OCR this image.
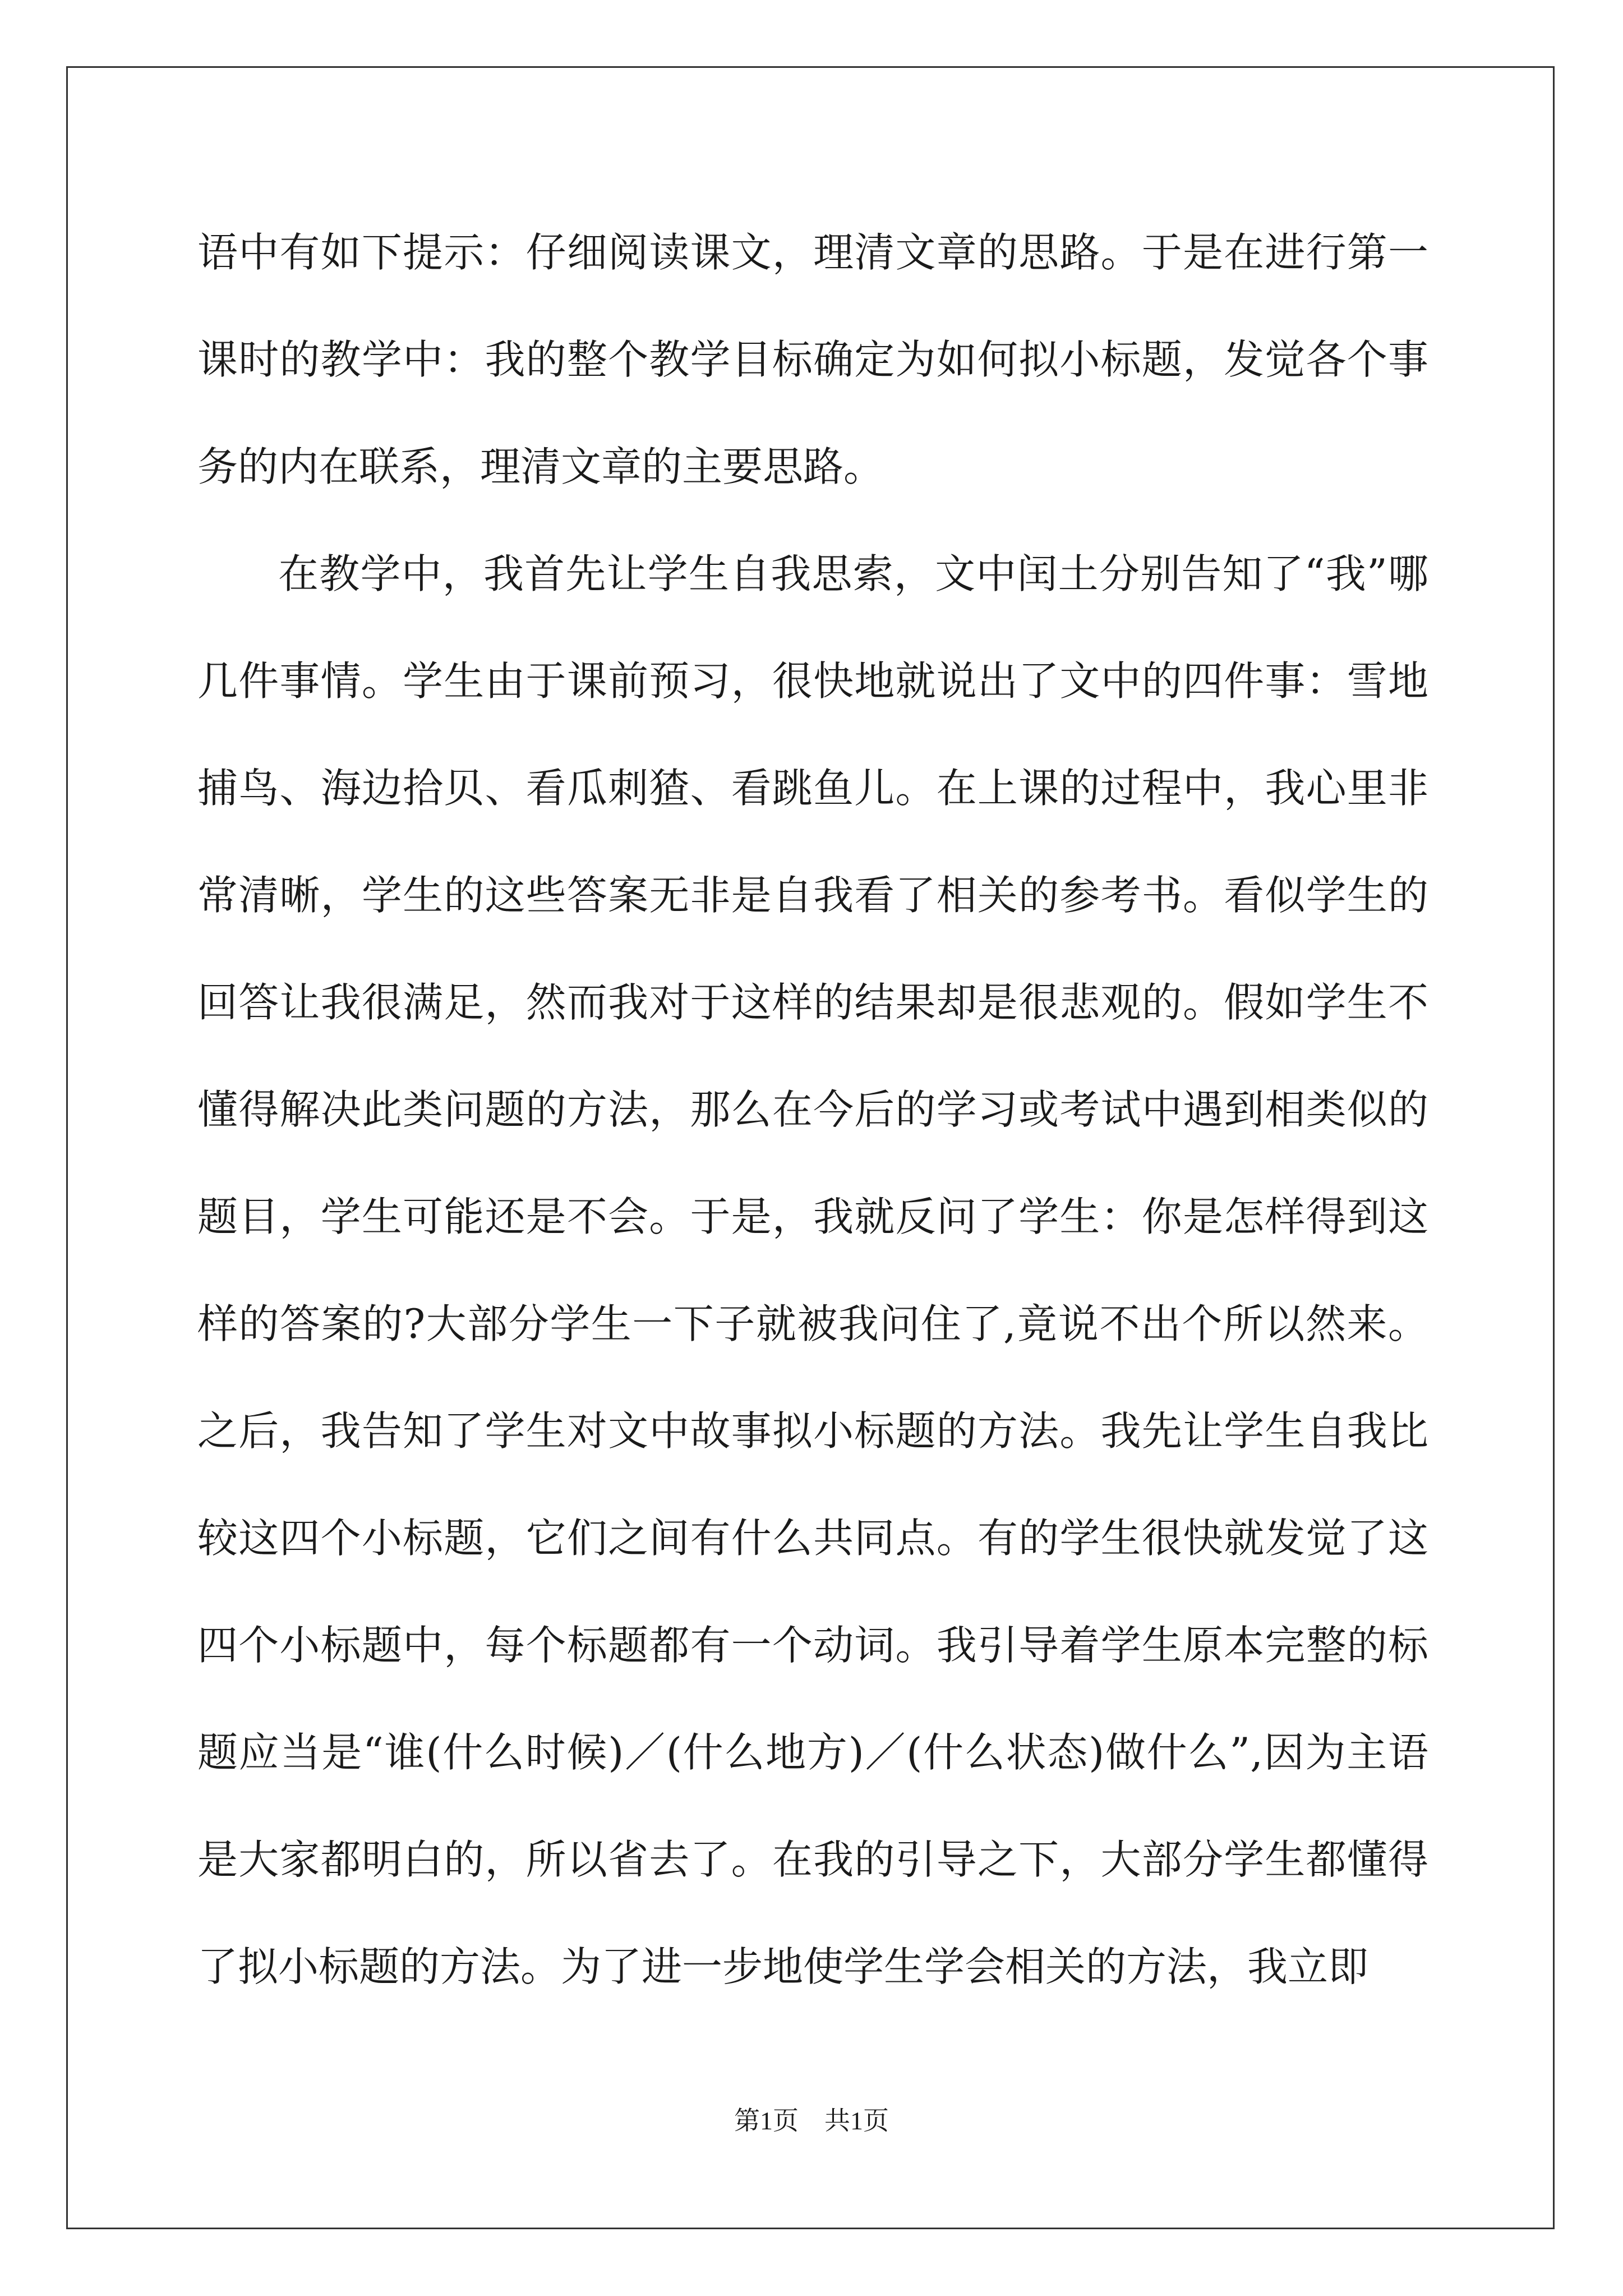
语中有如下提示：仔细阅读课文，理清文章的思路。于是在进行第一课时的教学中：我的整个教学目标确定为如何拟小标题，发觉各个事务的内在联系，理清文章的主要思路。

在教学中，我首先让学生自我思索，文中闰土分别告知了“我”哪几件事情。学生由于课前预习，很快地就说出了文中的四件事：雪地捕鸟、海边拾贝、看瓜刺猹、看跳鱼儿。在上课的过程中，我心里非常清晰，学生的这些答案无非是自我看了相关的参考书。看似学生的回答让我很满足，然而我对于这样的结果却是很悲观的。假如学生不懂得解决此类问题的方法，那么在今后的学习或考试中遇到相类似的题目，学生可能还是不会。于是，我就反问了学生：你是怎样得到这样的答案的?大部分学生一下子就被我问住了,竟说不出个所以然来。之后，我告知了学生对文中故事拟小标题的方法。我先让学生自我比较这四个小标题，它们之间有什么共同点。有的学生很快就发觉了这四个小标题中，每个标题都有一个动词。我引导着学生原本完整的标题应当是“谁(什么时候)／(什么地方)／(什么状态)做什么”,因为主语是大家都明白的，所以省去了。在我的引导之下，大部分学生都懂得了拟小标题的方法。为了进一步地使学生学会相关的方法，我立即

第1页　共1页
